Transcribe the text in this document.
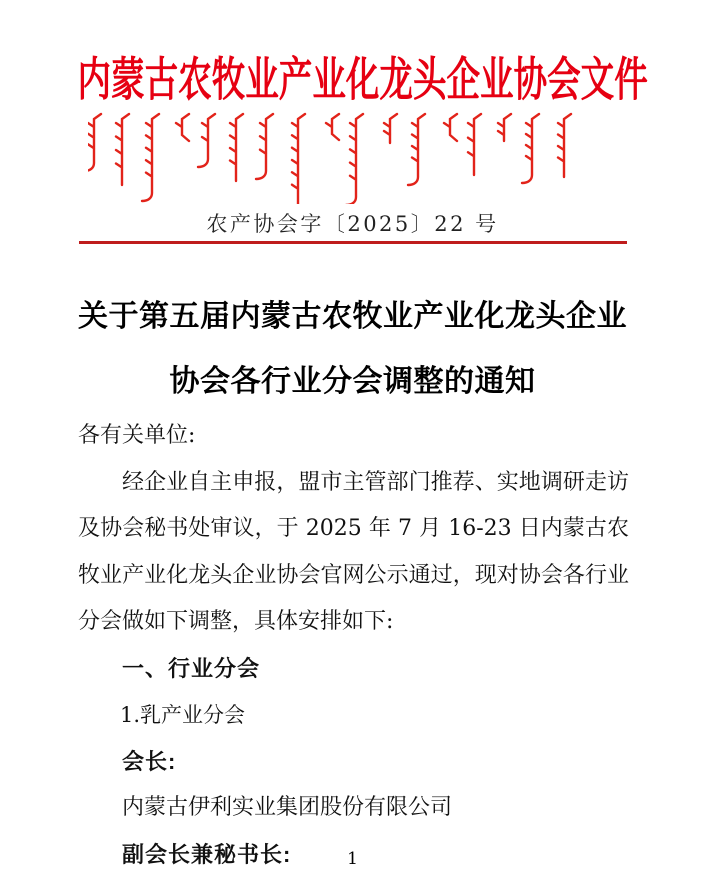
内蒙古农牧业产业化龙头企业协会文件
农产协会字〔2025〕22 号
关于第五届内蒙古农牧业产业化龙头企业
协会各行业分会调整的通知

各有关单位:

经企业自主申报，盟市主管部门推荐、实地调研走访及协会秘书处审议，于 2025 年 7 月 16-23 日内蒙古农牧业产业化龙头企业协会官网公示通过，现对协会各行业分会做如下调整，具体安排如下:

一、行业分会

1.乳产业分会

会长:

内蒙古伊利实业集团股份有限公司

副会长兼秘书长:	1
